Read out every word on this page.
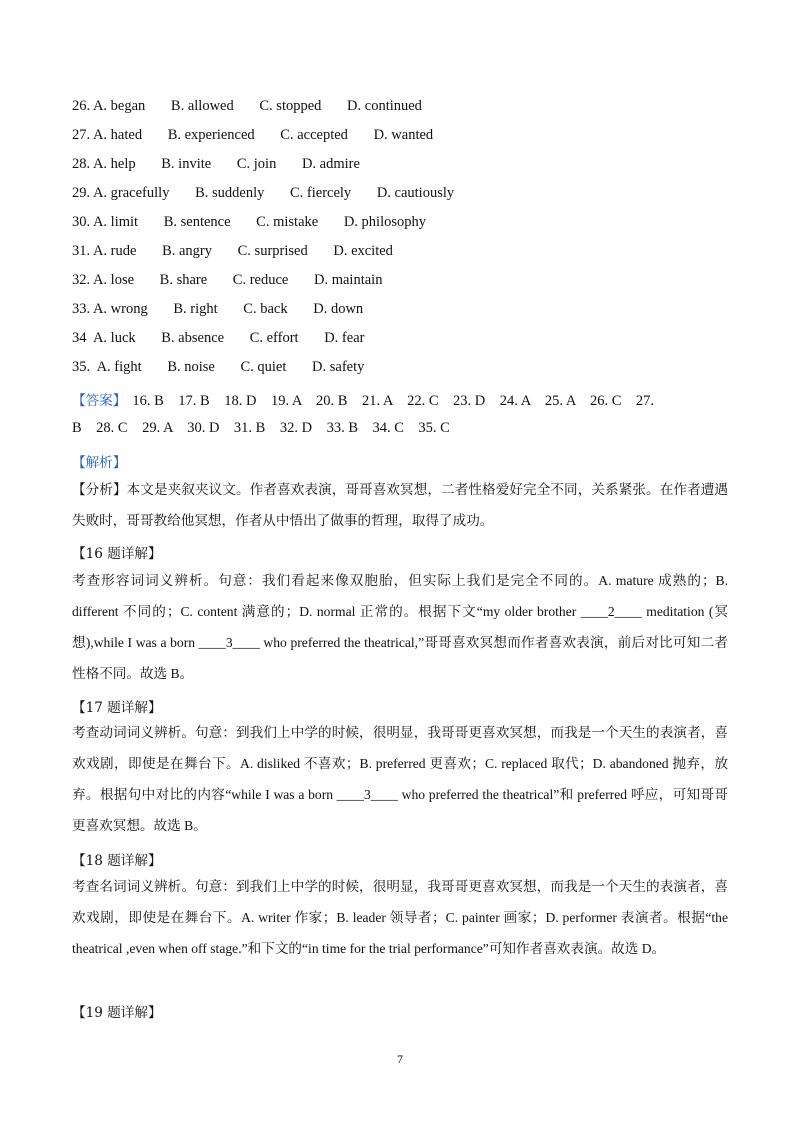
26. A. began B. allowed C. stopped D. continued
27. A. hated B. experienced C. accepted D. wanted
28. A. help B. invite C. join D. admire
29. A. gracefully B. suddenly C. fiercely D. cautiously
30. A. limit B. sentence C. mistake D. philosophy
31. A. rude B. angry C. surprised D. excited
32. A. lose B. share C. reduce D. maintain
33. A. wrong B. right C. back D. down
34  A. luck B. absence C. effort D. fear
35.  A. fight B. noise C. quiet D. safety
【答案】 16. B    17. B    18. D    19. A    20. B    21. A    22. C    23. D    24. A    25. A    26. C    27.
B    28. C    29. A    30. D    31. B    32. D    33. B    34. C    35. C
【解析】
【分析】本文是夹叙夹议文。作者喜欢表演，哥哥喜欢冥想，二者性格爱好完全不同，关系紧张。在作者遭遇失败时，哥哥教给他冥想，作者从中悟出了做事的哲理，取得了成功。
【16 题详解】
考查形容词词义辨析。句意：我们看起来像双胞胎，但实际上我们是完全不同的。A. mature 成熟的；B. different 不同的；C. content 满意的；D. normal 正常的。根据下文“my older brother ____2____ meditation (冥想),while I was a born ____3____ who preferred the theatrical,”哥哥喜欢冥想而作者喜欢表演，前后对比可知二者性格不同。故选 B。
【17 题详解】
考查动词词义辨析。句意：到我们上中学的时候，很明显，我哥哥更喜欢冥想，而我是一个天生的表演者，喜欢戏剧，即使是在舞台下。A. disliked 不喜欢；B. preferred 更喜欢；C. replaced 取代；D. abandoned 抛弃，放弃。根据句中对比的内容“while I was a born ____3____ who preferred the theatrical”和 preferred 呼应，可知哥哥更喜欢冥想。故选 B。
【18 题详解】
考查名词词义辨析。句意：到我们上中学的时候，很明显，我哥哥更喜欢冥想，而我是一个天生的表演者，喜欢戏剧，即使是在舞台下。A. writer 作家；B. leader 领导者；C. painter 画家；D. performer 表演者。根据“the theatrical ,even when off stage.”和下文的“in time for the trial performance”可知作者喜欢表演。故选 D。
【19 题详解】
7
